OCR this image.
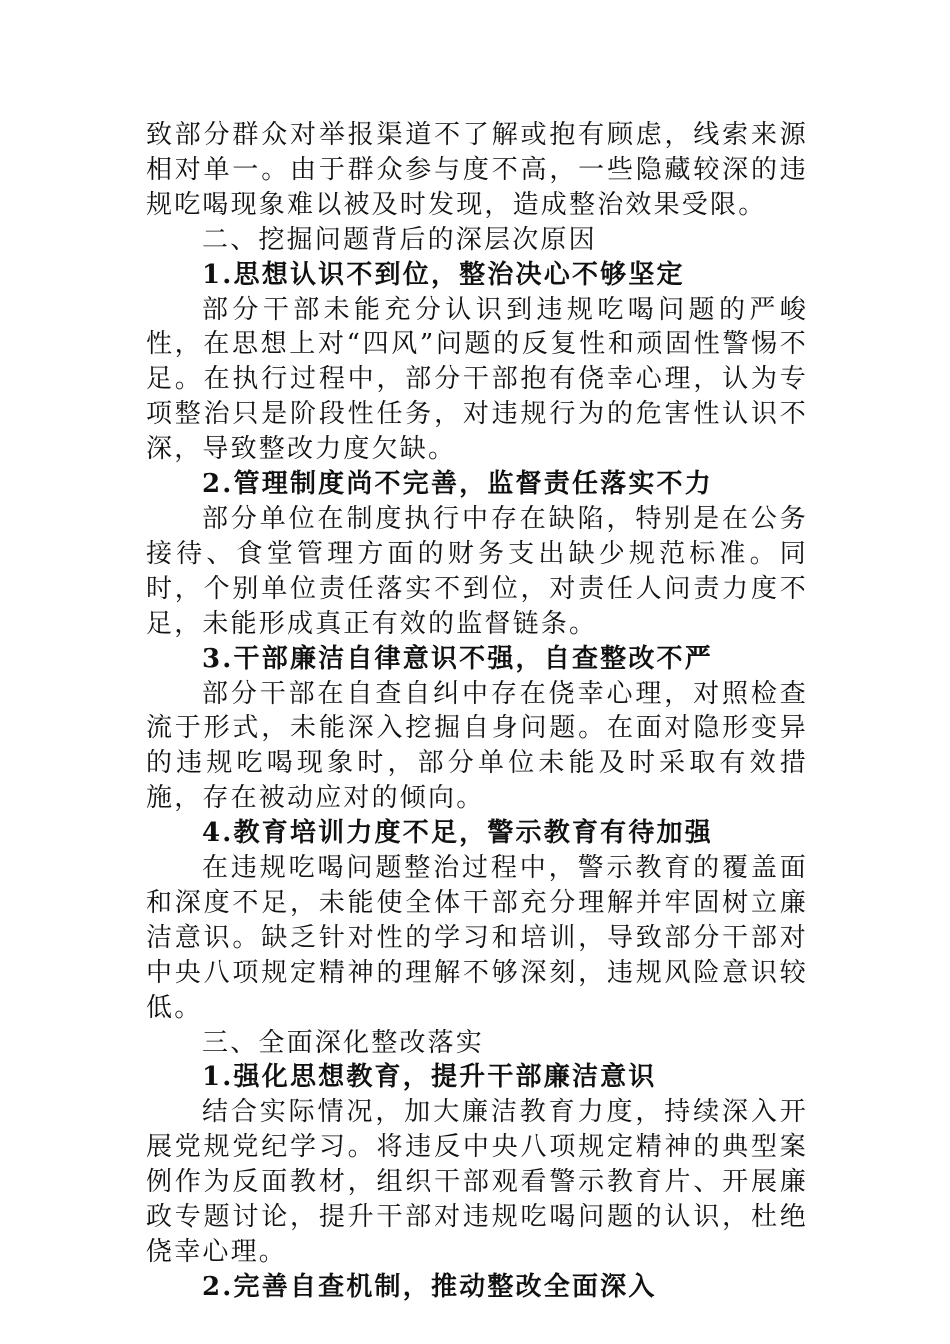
致部分群众对举报渠道不了解或抱有顾虑，线索来源相对单一。由于群众参与度不高，一些隐藏较深的违规吃喝现象难以被及时发现，造成整治效果受限。

二、挖掘问题背后的深层次原因

1.思想认识不到位，整治决心不够坚定

部分干部未能充分认识到违规吃喝问题的严峻性，在思想上对“四风”问题的反复性和顽固性警惕不足。在执行过程中，部分干部抱有侥幸心理，认为专项整治只是阶段性任务，对违规行为的危害性认识不深，导致整改力度欠缺。

2.管理制度尚不完善，监督责任落实不力

部分单位在制度执行中存在缺陷，特别是在公务接待、食堂管理方面的财务支出缺少规范标准。同时，个别单位责任落实不到位，对责任人问责力度不足，未能形成真正有效的监督链条。

3.干部廉洁自律意识不强，自查整改不严

部分干部在自查自纠中存在侥幸心理，对照检查流于形式，未能深入挖掘自身问题。在面对隐形变异的违规吃喝现象时，部分单位未能及时采取有效措施，存在被动应对的倾向。

4.教育培训力度不足，警示教育有待加强

在违规吃喝问题整治过程中，警示教育的覆盖面和深度不足，未能使全体干部充分理解并牢固树立廉洁意识。缺乏针对性的学习和培训，导致部分干部对中央八项规定精神的理解不够深刻，违规风险意识较低。

三、全面深化整改落实

1.强化思想教育，提升干部廉洁意识

结合实际情况，加大廉洁教育力度，持续深入开展党规党纪学习。将违反中央八项规定精神的典型案例作为反面教材，组织干部观看警示教育片、开展廉政专题讨论，提升干部对违规吃喝问题的认识，杜绝侥幸心理。

2.完善自查机制，推动整改全面深入
